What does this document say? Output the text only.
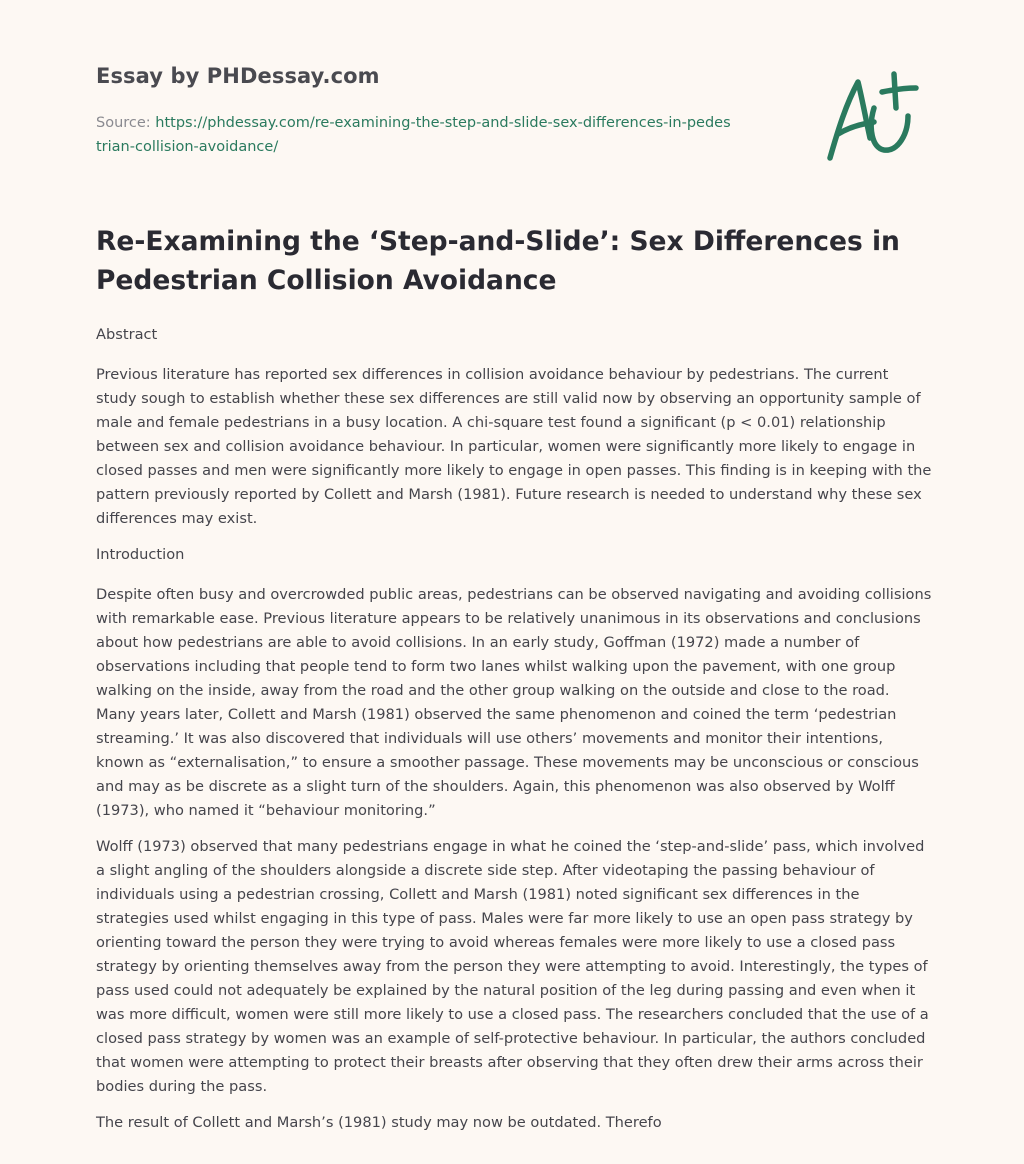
Essay by PHDessay.com
Source: https://phdessay.com/re-examining-the-step-and-slide-sex-differences-in-pedestrian-collision-avoidance/
Re-Examining the ‘Step-and-Slide’: Sex Differences in Pedestrian Collision Avoidance

Abstract

Previous literature has reported sex differences in collision avoidance behaviour by pedestrians. The current study sough to establish whether these sex differences are still valid now by observing an opportunity sample of male and female pedestrians in a busy location. A chi-square test found a significant (p < 0.01) relationship between sex and collision avoidance behaviour. In particular, women were significantly more likely to engage in closed passes and men were significantly more likely to engage in open passes. This finding is in keeping with the pattern previously reported by Collett and Marsh (1981). Future research is needed to understand why these sex differences may exist.

Introduction

Despite often busy and overcrowded public areas, pedestrians can be observed navigating and avoiding collisions with remarkable ease. Previous literature appears to be relatively unanimous in its observations and conclusions about how pedestrians are able to avoid collisions. In an early study, Goffman (1972) made a number of observations including that people tend to form two lanes whilst walking upon the pavement, with one group walking on the inside, away from the road and the other group walking on the outside and close to the road. Many years later, Collett and Marsh (1981) observed the same phenomenon and coined the term ‘pedestrian streaming.’ It was also discovered that individuals will use others’ movements and monitor their intentions, known as “externalisation,” to ensure a smoother passage. These movements may be unconscious or conscious and may as be discrete as a slight turn of the shoulders. Again, this phenomenon was also observed by Wolff (1973), who named it “behaviour monitoring.”

Wolff (1973) observed that many pedestrians engage in what he coined the ‘step-and-slide’ pass, which involved a slight angling of the shoulders alongside a discrete side step. After videotaping the passing behaviour of individuals using a pedestrian crossing, Collett and Marsh (1981) noted significant sex differences in the strategies used whilst engaging in this type of pass. Males were far more likely to use an open pass strategy by orienting toward the person they were trying to avoid whereas females were more likely to use a closed pass strategy by orienting themselves away from the person they were attempting to avoid. Interestingly, the types of pass used could not adequately be explained by the natural position of the leg during passing and even when it was more difficult, women were still more likely to use a closed pass. The researchers concluded that the use of a closed pass strategy by women was an example of self-protective behaviour. In particular, the authors concluded that women were attempting to protect their breasts after observing that they often drew their arms across their bodies during the pass.

The result of Collett and Marsh’s (1981) study may now be outdated. Therefo
